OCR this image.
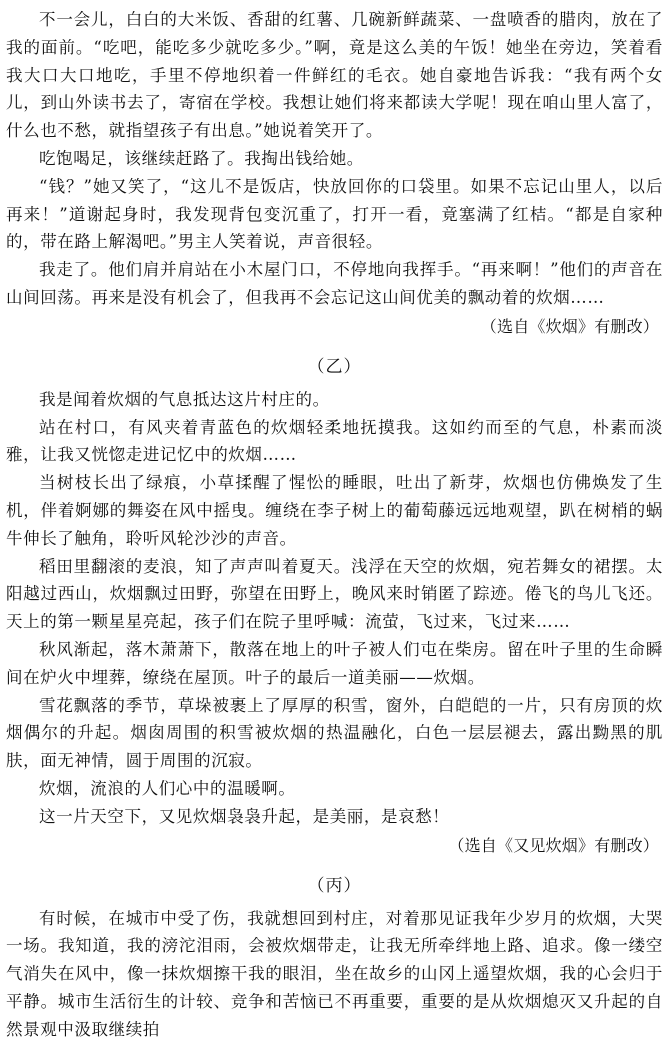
不一会儿，白白的大米饭、香甜的红薯、几碗新鲜蔬菜、一盘喷香的腊肉，放在了我的面前。“吃吧，能吃多少就吃多少。”啊，竟是这么美的午饭！她坐在旁边，笑着看我大口大口地吃，手里不停地织着一件鲜红的毛衣。她自豪地告诉我：“我有两个女儿，到山外读书去了，寄宿在学校。我想让她们将来都读大学呢！现在咱山里人富了，什么也不愁，就指望孩子有出息。”她说着笑开了。

吃饱喝足，该继续赶路了。我掏出钱给她。

“钱？”她又笑了，“这儿不是饭店，快放回你的口袋里。如果不忘记山里人，以后再来！”道谢起身时，我发现背包变沉重了，打开一看，竟塞满了红桔。“都是自家种的，带在路上解渴吧。”男主人笑着说，声音很轻。

我走了。他们肩并肩站在小木屋门口，不停地向我挥手。“再来啊！”他们的声音在山间回荡。再来是没有机会了，但我再不会忘记这山间优美的飘动着的炊烟……

（选自《炊烟》有删改）
（乙）

我是闻着炊烟的气息抵达这片村庄的。

站在村口，有风夹着青蓝色的炊烟轻柔地抚摸我。这如约而至的气息，朴素而淡雅，让我又恍惚走进记忆中的炊烟……

当树枝长出了绿痕，小草揉醒了惺忪的睡眼，吐出了新芽，炊烟也仿佛焕发了生机，伴着婀娜的舞姿在风中摇曳。缠绕在李子树上的葡萄藤远远地观望，趴在树梢的蜗牛伸长了触角，聆听风轮沙沙的声音。

稻田里翻滚的麦浪，知了声声叫着夏天。浅浮在天空的炊烟，宛若舞女的裙摆。太阳越过西山，炊烟飘过田野，弥望在田野上，晚风来时销匿了踪迹。倦飞的鸟儿飞还。天上的第一颗星星亮起，孩子们在院子里呼喊：流萤，飞过来，飞过来……

秋风渐起，落木萧萧下，散落在地上的叶子被人们屯在柴房。留在叶子里的生命瞬间在炉火中埋葬，缭绕在屋顶。叶子的最后一道美丽——炊烟。

雪花飘落的季节，草垛被裹上了厚厚的积雪，窗外，白皑皑的一片，只有房顶的炊烟偶尔的升起。烟囱周围的积雪被炊烟的热温融化，白色一层层褪去，露出黝黑的肌肤，面无神情，圆于周围的沉寂。

炊烟，流浪的人们心中的温暖啊。

这一片天空下，又见炊烟袅袅升起，是美丽，是哀愁！

（选自《又见炊烟》有删改）
（丙）

有时候，在城市中受了伤，我就想回到村庄，对着那见证我年少岁月的炊烟，大哭一场。我知道，我的滂沱泪雨，会被炊烟带走，让我无所牵绊地上路、追求。像一缕空气消失在风中，像一抹炊烟擦干我的眼泪，坐在故乡的山冈上遥望炊烟，我的心会归于平静。城市生活衍生的计较、竞争和苦恼已不再重要，重要的是从炊烟熄灭又升起的自然景观中汲取继续拍
